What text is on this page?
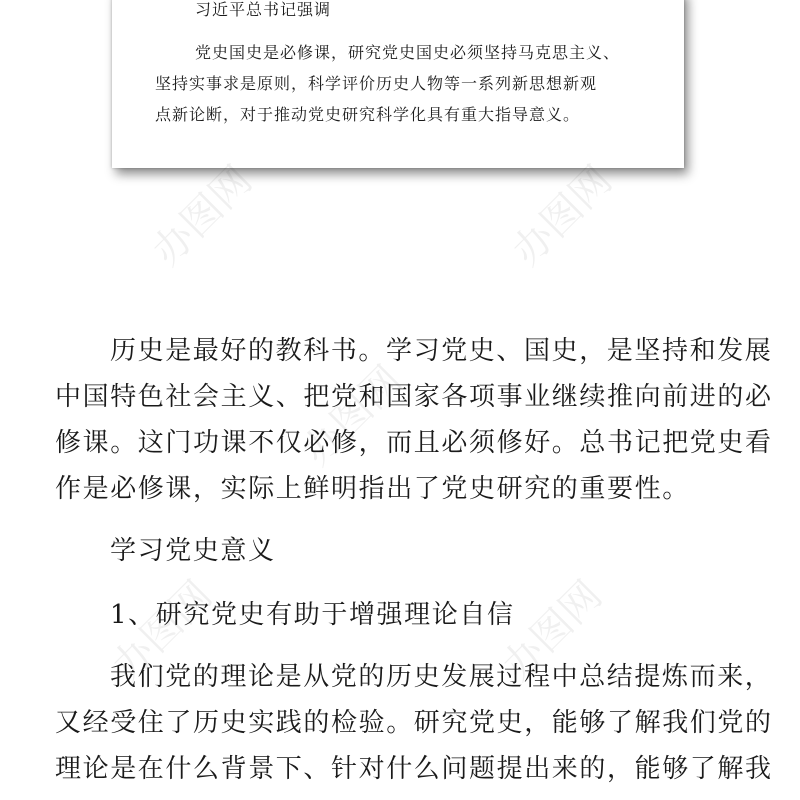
习近平总书记强调
党史国史是必修课，研究党史国史必须坚持马克思主义、
坚持实事求是原则，科学评价历史人物等一系列新思想新观
点新论断，对于推动党史研究科学化具有重大指导意义。
历史是最好的教科书。学习党史、国史，是坚持和发展
中国特色社会主义、把党和国家各项事业继续推向前进的必
修课。这门功课不仅必修，而且必须修好。总书记把党史看
作是必修课，实际上鲜明指出了党史研究的重要性。
学习党史意义
1、研究党史有助于增强理论自信
我们党的理论是从党的历史发展过程中总结提炼而来，
又经受住了历史实践的检验。研究党史，能够了解我们党的
理论是在什么背景下、针对什么问题提出来的，能够了解我
办图网	办图网
办图网
办图网	办图网
